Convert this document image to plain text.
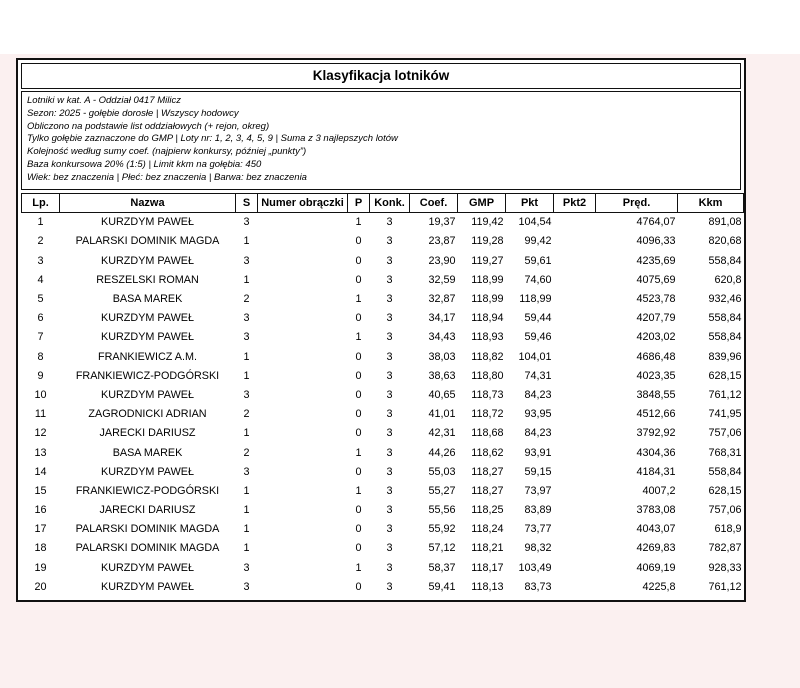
Klasyfikacja lotników
Lotniki w kat. A - Oddział 0417 Milicz
Sezon: 2025 - gołębie dorosłe | Wszyscy hodowcy
Obliczono na podstawie list oddziałowych (+ rejon, okreg)
Tylko gołębie zaznaczone do GMP | Loty nr: 1, 2, 3, 4, 5, 9 | Suma z 3 najlepszych lotów
Kolejność według sumy coef. (najpierw konkursy, później „punkty”)
Baza konkursowa 20% (1:5) | Limit kkm na gołębia: 450
Wiek: bez znaczenia | Płeć: bez znaczenia | Barwa: bez znaczenia
Lp.	Nazwa	S	Numer obrączki	P	Konk.	Coef.	GMP	Pkt	Pkt2	Pręd.	Kkm
1	KURZDYM PAWEŁ	3		1	3	19,37	119,42	104,54		4764,07	891,08
2	PALARSKI DOMINIK MAGDA	1		0	3	23,87	119,28	99,42		4096,33	820,68
3	KURZDYM PAWEŁ	3		0	3	23,90	119,27	59,61		4235,69	558,84
4	RESZELSKI ROMAN	1		0	3	32,59	118,99	74,60		4075,69	620,8
5	BASA MAREK	2		1	3	32,87	118,99	118,99		4523,78	932,46
6	KURZDYM PAWEŁ	3		0	3	34,17	118,94	59,44		4207,79	558,84
7	KURZDYM PAWEŁ	3		1	3	34,43	118,93	59,46		4203,02	558,84
8	FRANKIEWICZ A.M.	1		0	3	38,03	118,82	104,01		4686,48	839,96
9	FRANKIEWICZ-PODGÓRSKI	1		0	3	38,63	118,80	74,31		4023,35	628,15
10	KURZDYM PAWEŁ	3		0	3	40,65	118,73	84,23		3848,55	761,12
11	ZAGRODNICKI ADRIAN	2		0	3	41,01	118,72	93,95		4512,66	741,95
12	JARECKI DARIUSZ	1		0	3	42,31	118,68	84,23		3792,92	757,06
13	BASA MAREK	2		1	3	44,26	118,62	93,91		4304,36	768,31
14	KURZDYM PAWEŁ	3		0	3	55,03	118,27	59,15		4184,31	558,84
15	FRANKIEWICZ-PODGÓRSKI	1		1	3	55,27	118,27	73,97		4007,2	628,15
16	JARECKI DARIUSZ	1		0	3	55,56	118,25	83,89		3783,08	757,06
17	PALARSKI DOMINIK MAGDA	1		0	3	55,92	118,24	73,77		4043,07	618,9
18	PALARSKI DOMINIK MAGDA	1		0	3	57,12	118,21	98,32		4269,83	782,87
19	KURZDYM PAWEŁ	3		1	3	58,37	118,17	103,49		4069,19	928,33
20	KURZDYM PAWEŁ	3		0	3	59,41	118,13	83,73		4225,8	761,12
